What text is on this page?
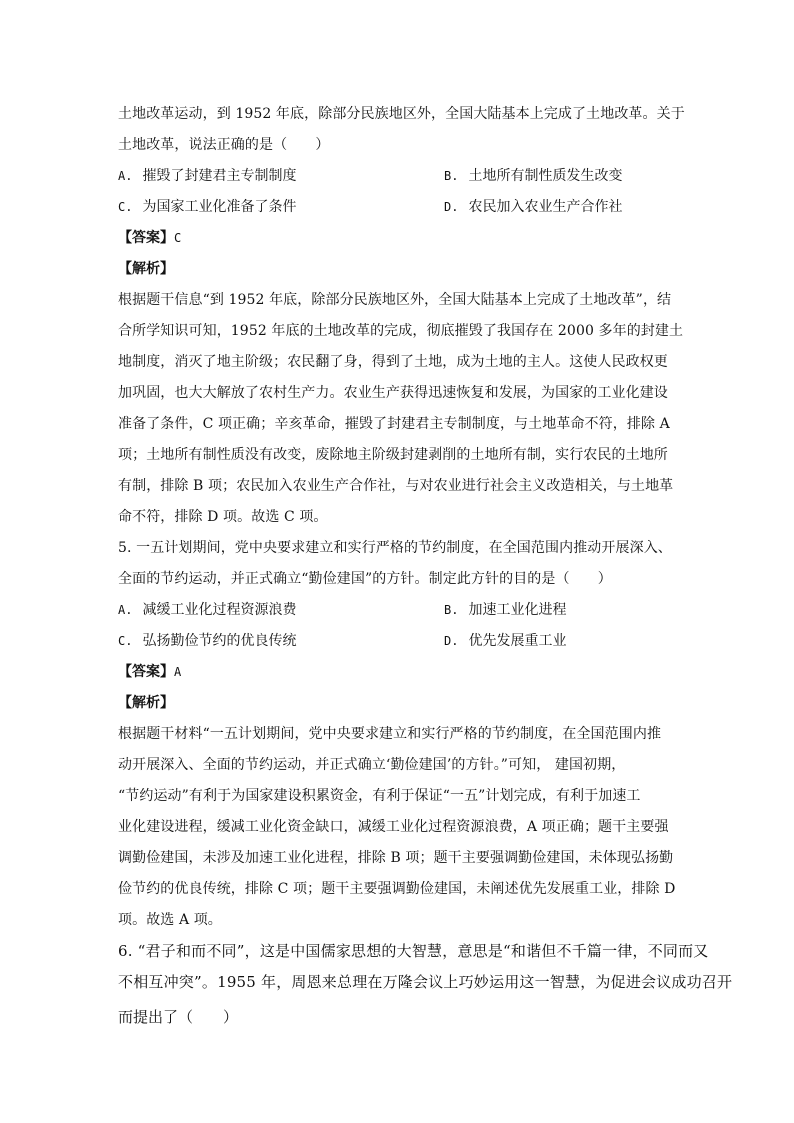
土地改革运动，到 1952 年底，除部分民族地区外，全国大陆基本上完成了土地改革。关于
土地改革，说法正确的是（　　）
A. 摧毁了封建君主专制制度	B. 土地所有制性质发生改变
C. 为国家工业化准备了条件	D. 农民加入农业生产合作社
【答案】C
【解析】
根据题干信息“到 1952 年底，除部分民族地区外，全国大陆基本上完成了土地改革”，结
合所学知识可知，1952 年底的土地改革的完成，彻底摧毁了我国存在 2000 多年的封建土
地制度，消灭了地主阶级；农民翻了身，得到了土地，成为土地的主人。这使人民政权更
加巩固，也大大解放了农村生产力。农业生产获得迅速恢复和发展，为国家的工业化建设
准备了条件，C 项正确；辛亥革命，摧毁了封建君主专制制度，与土地革命不符，排除 A
项；土地所有制性质没有改变，废除地主阶级封建剥削的土地所有制，实行农民的土地所
有制，排除 B 项；农民加入农业生产合作社，与对农业进行社会主义改造相关，与土地革
命不符，排除 D 项。故选 C 项。
5. 一五计划期间，党中央要求建立和实行严格的节约制度，在全国范围内推动开展深入、
全面的节约运动，并正式确立“勤俭建国”的方针。制定此方针的目的是（　　）
A. 减缓工业化过程资源浪费	B. 加速工业化进程
C. 弘扬勤俭节约的优良传统	D. 优先发展重工业
【答案】A
【解析】
根据题干材料“一五计划期间，党中央要求建立和实行严格的节约制度，在全国范围内推
动开展深入、全面的节约运动，并正式确立‘勤俭建国’的方针。”可知， 建国初期，
“节约运动”有利于为国家建设积累资金，有利于保证“一五”计划完成，有利于加速工
业化建设进程，缓减工业化资金缺口，减缓工业化过程资源浪费，A 项正确；题干主要强
调勤俭建国，未涉及加速工业化进程，排除 B 项；题干主要强调勤俭建国，未体现弘扬勤
俭节约的优良传统，排除 C 项；题干主要强调勤俭建国，未阐述优先发展重工业，排除 D
项。故选 A 项。
6. “君子和而不同”，这是中国儒家思想的大智慧，意思是“和谐但不千篇一律，不同而又
不相互冲突”。1955 年，周恩来总理在万隆会议上巧妙运用这一智慧，为促进会议成功召开
而提出了（　　）
